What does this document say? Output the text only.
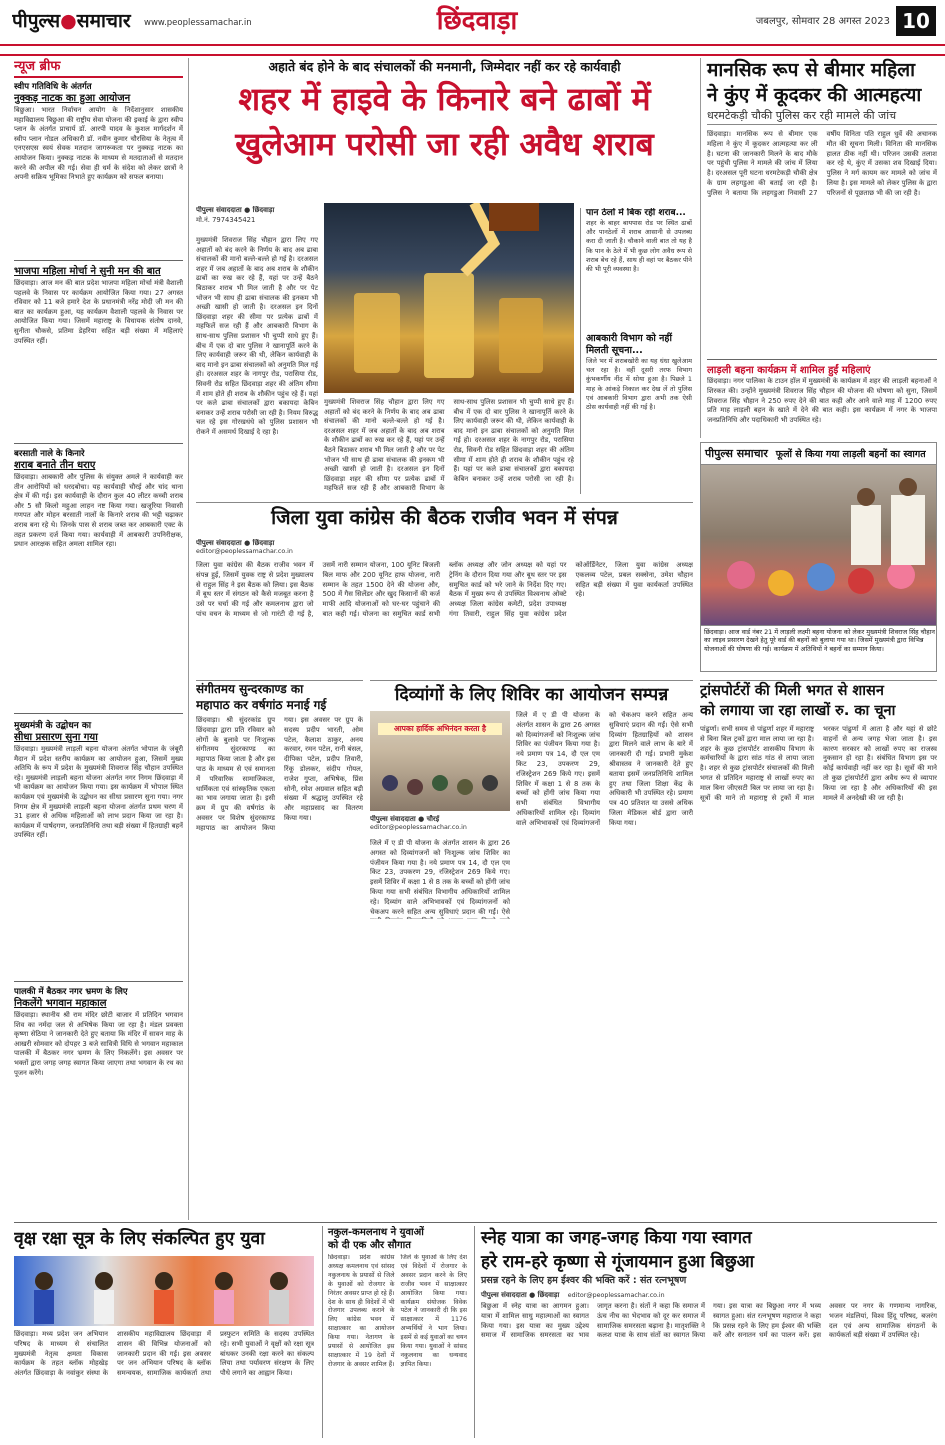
पीपुल्स●समाचार	www.peoplessamachar.in	छिंदवाड़ा	जबलपुर, सोमवार 28 अगस्त 2023 10
न्यूज ब्रीफ
स्वीप गतिविधि के अंतर्गत
नुक्कड़ नाटक का हुआ आयोजन
बिछुआ। भारत निर्वाचन आयोग के निर्देशानुसार शासकीय महाविद्यालय बिछुआ की राष्ट्रीय सेवा योजना की इकाई के द्वारा स्वीप प्लान के अंतर्गत प्राचार्य डॉ. आरपी यादव के कुशल मार्गदर्शन में स्वीप प्लान नोडल अधिकारी डॉ. नवीन कुमार चौरसिया के नेतृत्व में एनएसएस स्वयं सेवक मतदान जागरूकता पर नुक्कड़ नाटक का आयोजन किया। नुक्कड़ नाटक के माध्यम से मतदाताओं से मतदान करने की अपील की गई। सेवा ही धर्म के संदेश को लेकर छात्रों ने अपनी सक्रिय भूमिका निभाते हुए कार्यक्रम को सफल बनाया।
भाजपा महिला मोर्चा ने सुनी मन की बात
छिंदवाड़ा। आज मन की बात प्रदेश भाजपा महिला मोर्चा मंत्री वैशाली पहलवे के निवास पर कार्यक्रम आयोजित किया गया। 27 अगस्त रविवार को 11 बजे हमारे देश के प्रधानमंत्री नरेंद्र मोदी जी मन की बात का कार्यक्रम हुआ, यह कार्यक्रम वैशाली पहलवे के निवास पर आयोजित किया गया। जिसमें महाराष्ट्र के विधायक संतोष दानवे, सुनीता चौकसे, प्रतिमा डेहरिया सहित बड़ी संख्या में महिलाएं उपस्थित रहीं।
बरसाती नाले के किनारे
शराब बनाते तीन धराए
छिंदवाड़ा। आबकारी और पुलिस के संयुक्त अमले ने कार्यवाही कर तीन आरोपियों को धरदबोचा। यह कार्यवाही चौरई और चांद थाना क्षेत्र में की गई। इस कार्यवाही के दौरान कुल 40 लीटर कच्ची शराब और 5 सौ किलो महुआ लाहन नष्ट किया गया। खजूरिया निवासी गणपत और मोहन बरसाती नालों के किनारे शराब की भट्टी चढ़ाकर शराब बना रहे थे। जिनके पास से शराब जब्त कर आबकारी एक्ट के तहत प्रकरण दर्ज किया गया। कार्यवाही में आबकारी उपनिरीक्षक, प्रधान आरक्षक सहित अमला शामिल रहा।
मुख्यमंत्री के उद्बोधन का
सीधा प्रसारण सुना गया
छिंदवाड़ा। मुख्यमंत्री लाड़ली बहना योजना अंतर्गत भोपाल के जंबूरी मैदान में प्रदेश स्तरीय कार्यक्रम का आयोजन हुआ, जिसमें मुख्य अतिथि के रूप में प्रदेश के मुख्यमंत्री शिवराज सिंह चौहान उपस्थित रहे। मुख्यमंत्री लाड़ली बहना योजना अंतर्गत नगर निगम छिंदवाड़ा में भी कार्यक्रम का आयोजन किया गया। इस कार्यक्रम में भोपाल स्थित कार्यक्रम एवं मुख्यमंत्री के उद्बोधन का सीधा प्रसारण सुना गया। नगर निगम क्षेत्र में मुख्यमंत्री लाड़ली बहना योजना अंतर्गत प्रथम चरण में 31 हजार से अधिक महिलाओं को लाभ प्रदान किया जा रहा है। कार्यक्रम में पार्षदगण, जनप्रतिनिधि तथा बड़ी संख्या में हितग्राही बहनें उपस्थित रहीं।
पालकी में बैठकर नगर भ्रमण के लिए
निकलेंगे भगवान महाकाल
छिंदवाड़ा। स्थानीय श्री राम मंदिर छोटी बाजार में प्रतिदिन भगवान शिव का नर्मदा जल से अभिषेक किया जा रहा है। मंडल प्रवक्ता कृष्णा सेठिया ने जानकारी देते हुए बताया कि मंदिर में सावन माह के आखरी सोमवार को दोपहर 3 बजे सावित्री विधि से भगवान महाकाल पालकी में बैठकर नगर भ्रमण के लिए निकलेंगे। इस अवसर पर भक्तों द्वारा जगह जगह स्वागत किया जाएगा तथा भगवान के रथ का पूजन करेंगे।
अहाते बंद होने के बाद संचालकों की मनमानी, जिम्मेदार नहीं कर रहे कार्यवाही
शहर में हाइवे के किनारे बने ढाबों में
खुलेआम परोसी जा रही अवैध शराब
पीपुल्स संवाददाता ● छिंदवाड़ा
मो.नं. 7974345421
पान ठेलों में बिक रही शराब...
शहर के बाहर बायपास रोड पर स्थित ढाबों और पानठेलों में शराब आसानी से उपलब्ध करा दी जाती है। चौकाने वाली बात तो यह है कि पान के ठेले में भी कुछ लोग अवैध रूप से शराब बेच रहे हैं, साथ ही वहां पर बैठकर पीने की भी पूरी व्यवस्था है।
आबकारी विभाग को नहीं मिलती सूचना...
जिले भर में शराबखोरी का यह धंधा खुलेआम चल रहा है। वहीं दूसरी तरफ विभाग कुंभकर्णीय नींद में सोया हुआ है। पिछले 1 माह के आंकड़े निकाल कर देख लें तो पुलिस एवं आबकारी विभाग द्वारा अभी तक ऐसी ठोस कार्यवाही नहीं की गई है।
मुख्यमंत्री शिवराज सिंह चौहान द्वारा लिए गए अहातों को बंद करने के निर्णय के बाद अब ढाबा संचालकों की मानो बल्ले-बल्ले हो गई है। दरअसल शहर में जब अहातों के बाद अब शराब के शौकीन ढाबों का रुख कर रहे हैं, यहां पर उन्हें बैठने बिठाकर शराब भी मिल जाती है और पर पेट भोजन भी साथ ही ढाबा संचालक की इनकम भी अच्छी खासी हो जाती है। दरअसल इन दिनों छिंदवाड़ा शहर की सीमा पर प्रत्येक ढाबों में महफिलें सज रही हैं और आबकारी विभाग के साथ-साथ पुलिस प्रशासन भी चुप्पी साधे हुए हैं। बीच में एक दो बार पुलिस ने खानापूर्ति करने के लिए कार्यवाही जरूर की थी, लेकिन कार्यवाही के बाद मानो इन ढाबा संचालकों को अनुमति मिल गई हो। दरअसल शहर के नागपुर रोड, परासिया रोड, सिवनी रोड सहित छिंदवाड़ा शहर की अंतिम सीमा में शाम होते ही शराब के शौकीन पहुंच रहे हैं। यहां पर कले ढाबा संचालकों द्वारा बकायदा केबिन बनाकर उन्हें शराब परोसी जा रही है। नियम विरुद्ध चल रहे इस गोरखधंधे को पुलिस प्रशासन भी रोकने में असमर्थ दिखाई दे रहा है।
मुख्यमंत्री शिवराज सिंह चौहान द्वारा लिए गए अहातों को बंद करने के निर्णय के बाद अब ढाबा संचालकों की मानो बल्ले-बल्ले हो गई है। दरअसल शहर में जब अहातों के बाद अब शराब के शौकीन ढाबों का रुख कर रहे हैं, यहां पर उन्हें बैठने बिठाकर शराब भी मिल जाती है और पर पेट भोजन भी साथ ही ढाबा संचालक की इनकम भी अच्छी खासी हो जाती है। दरअसल इन दिनों छिंदवाड़ा शहर की सीमा पर प्रत्येक ढाबों में महफिलें सज रही हैं और आबकारी विभाग के साथ-साथ पुलिस प्रशासन भी चुप्पी साधे हुए हैं। बीच में एक दो बार पुलिस ने खानापूर्ति करने के लिए कार्यवाही जरूर की थी, लेकिन कार्यवाही के बाद मानो इन ढाबा संचालकों को अनुमति मिल गई हो। दरअसल शहर के नागपुर रोड, परासिया रोड, सिवनी रोड सहित छिंदवाड़ा शहर की अंतिम सीमा में शाम होते ही शराब के शौकीन पहुंच रहे हैं। यहां पर कले ढाबा संचालकों द्वारा बकायदा केबिन बनाकर उन्हें शराब परोसी जा रही है।
मानसिक रूप से बीमार महिला
ने कुंए में कूदकर की आत्महत्या
धरमटेकड़ी चौकी पुलिस कर रही मामले की जांच
छिंदवाड़ा। मानसिक रूप से बीमार एक महिला ने कुंए में कूदकर आत्महत्या कर ली है। घटना की जानकारी मिलने के बाद मौके पर पहुंची पुलिस ने मामले की जांच में लिया है। दरअसल पूरी घटना धरमटेकड़ी चौकी क्षेत्र के ग्राम लहगडुआ की बताई जा रही है। पुलिस ने बताया कि लहगडुआ निवासी 27 वर्षीय विनिता पति राहुल धुर्वे की अचानक मौत की सूचना मिली। विनिता की मानसिक हालत ठीक नहीं थी। परिजन उसकी तलाश कर रहे थे, कुंए में उसका शव दिखाई दिया। पुलिस ने मर्ग कायम कर मामले को जांच में लिया है। इस मामले को लेकर पुलिस के द्वारा परिजनों से पूछताछ भी की जा रही है।
लाड़ली बहना कार्यक्रम में शामिल हुईं महिलाएं
छिंदवाड़ा। नगर पालिका के टाउन हॉल में मुख्यमंत्री के कार्यक्रम में शहर की लाड़ली बहनाओं ने शिरकत की। उन्होंने मुख्यमंत्री शिवराज सिंह चौहान की योजना की घोषणा को सुना, जिसमें शिवराज सिंह चौहान ने 250 रुपए देने की बात कही और आने वाले माह में 1200 रुपए प्रति माह लाड़ली बहन के खाते में देने की बात कही। इस कार्यक्रम में नगर के भाजपा जनप्रतिनिधि और पदाधिकारी भी उपस्थित रहे।
जिला युवा कांग्रेस की बैठक राजीव भवन में संपन्न
पीपुल्स संवाददाता ● छिंदवाड़ा
editor@peoplessamachar.co.in
जिला युवा कांग्रेस की बैठक राजीव भवन में संपन्न हुई, जिसमें युवक राष्ट्र से प्रदेश मुख्यालय से राहुल सिंह ने इस बैठक को लिया। इस बैठक में बूथ स्तर में संगठन को कैसे मजबूत करना है उसे पर चर्चा की गई और कमलनाथ द्वारा जो पांच वचन के माध्यम से जो गारंटी दी गई है, उसमें नारी सम्मान योजना, 100 यूनिट बिजली बिल माफ और 200 यूनिट हाफ योजना, नारी सम्मान के तहत 1500 देने की योजना और, 500 में गैस सिलेंडर और खुद किसानों की कर्ज माफी आदि योजनाओं को घर-घर पहुंचाने की बात कही गई। योजना का समुचित कार्ड सभी ब्लॉक अध्यक्ष और जोन अध्यक्ष को यहां पर ट्रेनिंग के दौरान दिया गया और बूथ स्तर पर इस समुचित कार्ड को भरे जाने के निर्देश दिए गए। बैठक में मुख्य रूप से उपस्थित विश्वनाथ ओक्टे अध्यक्ष जिला कांग्रेस कमेटी, प्रदेश उपाध्यक्ष गंगा तिवारी, राहुल सिंह युवा कांग्रेस प्रदेश कोऑर्डिनेटर, जिला युवा कांग्रेस अध्यक्ष एकलव्य पटेल, प्रबल सक्सेना, उमेश चौहान सहित बड़ी संख्या में युवा कार्यकर्ता उपस्थित रहे।
पीपुल्स समाचार फूलों से किया गया लाड़ली बहनों का स्वागत
छिंदवाड़ा। आज वार्ड नंबर 21 में लाड़ली लक्ष्मी बहना योजना को लेकर मुख्यमंत्री शिवराज सिंह चौहान का लाइव प्रसारण देखने हेतु पूरे वार्ड की बहनों को बुलाया गया था। जिसमें मुख्यमंत्री द्वारा विभिन्न योजनाओं की घोषणा की गई। कार्यक्रम में अतिथियों ने बहनों का सम्मान किया।
संगीतमय सुन्दरकाण्ड का
महापाठ कर वर्षगांठ मनाई गई
छिंदवाड़ा। श्री सुंदरकांड ग्रुप छिंदवाड़ा द्वारा प्रति रविवार को लोगों के बुलावे पर निःशुल्क संगीतमय सुंदरकाण्ड का महापाठ किया जाता है और इस पाठ के माध्यम से एवं समानता में परिवारिक सामाजिकता, धार्मिकता एवं सांस्कृतिक एकता का भाव जगाया जाता है। इसी क्रम में ग्रुप की वर्षगांठ के अवसर पर विशेष सुंदरकाण्ड महापाठ का आयोजन किया गया। इस अवसर पर ग्रुप के सदस्य प्रदीप भारती, ओम पटेल, कैलाश ठाकुर, अनय करवार, रमन पटेल, रानी बंसल, दीपिका पटेल, प्रदीप तिवारी, रिंकू डोलकर, संदीप गोयल, राजेश गुप्ता, अभिषेक, प्रिंस सोनी, रमेश अग्रवाल सहित बड़ी संख्या में श्रद्धालु उपस्थित रहे और महाप्रसाद का वितरण किया गया।
दिव्यांगों के लिए शिविर का आयोजन सम्पन्न
आपका हार्दिक अभिनंदन करता है
पीपुल्स संवाददाता ● चौरई
editor@peoplessamachar.co.in
जिले में ए डी पी योजना के अंतर्गत शासन के द्वारा 26 अगस्त को दिव्यांगजनों को निःशुल्क जांच शिविर का पंजीयन किया गया है। नये प्रमाण पत्र 14, दौ एल एम किट 23, उपकरण 29, रजिस्ट्रेशन 269 किये गए। इसमें शिविर में कक्षा 1 से 8 तक के बच्चों को होंगी जांच किया गया सभी संबंधित विभागीय अधिकारियों शामिल रहे। दिव्यांग वाले अभिभावकों एवं दिव्यांगजनों को चेकअप करने सहित अन्य सुविधाएं प्रदान की गईं। ऐसे
जिले में ए डी पी योजना के अंतर्गत शासन के द्वारा 26 अगस्त को दिव्यांगजनों को निःशुल्क जांच शिविर का पंजीयन किया गया है। नये प्रमाण पत्र 14, दौ एल एम किट 23, उपकरण 29, रजिस्ट्रेशन 269 किये गए। इसमें शिविर में कक्षा 1 से 8 तक के बच्चों को होंगी जांच किया गया सभी संबंधित विभागीय अधिकारियों शामिल रहे। दिव्यांग वाले अभिभावकों एवं दिव्यांगजनों को चेकअप करने सहित अन्य सुविधाएं प्रदान की गईं। ऐसे सभी दिव्यांग हितग्राहियों को शासन द्वारा मिलने वाले लाभ के बारे में जानकारी दी गई। प्रभारी मुकेश श्रीवास्तव ने जानकारी देते हुए बताया इसमें जनप्रतिनिधि शामिल हुए तथा जिला शिक्षा केंद्र के अधिकारी भी उपस्थित रहे। प्रमाण पत्र 40 प्रतिशत या उससे अधिक जिला मेडिकल बोर्ड द्वारा जारी किया गया।
ट्रांसपोर्टरों की मिली भगत से शासन
को लगाया जा रहा लाखों रु. का चूना
पांढुर्णा। सभी समय से पांढुर्णा शहर में महाराष्ट्र से बिना बिल ट्रकों द्वारा माल लाया जा रहा है। शहर के कुछ ट्रांसपोर्टर शासकीय विभाग के कर्मचारियों के द्वारा सांठ गांठ से लाया जाता है। शहर से कुछ ट्रांसपोर्टर संचालकों की मिली भगत से प्रतिदिन महाराष्ट्र से लाखों रुपए का माल बिना जीएसटी बिल पर लाया जा रहा है। सूत्रों की माने तो महाराष्ट्र से ट्रकों में माल भरकर पांढुर्णा में आता है और यहां से छोटे वाहनों से अन्य जगह भेजा जाता है। इस कारण सरकार को लाखों रुपए का राजस्व नुकसान हो रहा है। संबंधित विभाग इस पर कोई कार्यवाही नहीं कर रहा है। सूत्रों की माने तो कुछ ट्रांसपोर्टरों द्वारा अवैध रूप से व्यापार किया जा रहा है और अधिकारियों की इस मामले में अनदेखी की जा रही है।
वृक्ष रक्षा सूत्र के लिए संकल्पित हुए युवा
छिंदवाड़ा। मध्य प्रदेश जन अभियान परिषद के माध्यम से संचालित मुख्यमंत्री नेतृत्व क्षमता विकास कार्यक्रम के तहत ब्लॉक मोहखेड़ अंतर्गत छिंदवाड़ा के नवांकुर संस्था के शासकीय महाविद्यालय छिंदवाड़ा में शासन की विभिन्न योजनाओं को जानकारी प्रदान की गई। इस अवसर पर जन अभियान परिषद के ब्लॉक समन्वयक, सामाजिक कार्यकर्ता तथा प्रस्फुटन समिति के सदस्य उपस्थित रहे। सभी युवाओं ने वृक्षों को रक्षा सूत्र बांधकर उनकी रक्षा करने का संकल्प लिया तथा पर्यावरण संरक्षण के लिए पौधे लगाने का आह्वान किया।
नकुल-कमलनाथ ने युवाओं
को दी एक और सौगात
छिंदवाड़ा। प्रदेश कांग्रेस अध्यक्ष कमलनाथ एवं सांसद नकुलनाथ के प्रयासों से जिले के युवाओं को रोजगार के निरंतर अवसर प्राप्त हो रहे हैं। देश के साथ ही विदेशों में भी रोजगार उपलब्ध कराने के लिए कांग्रेस भवन में साक्षात्कार का आयोजन किया गया। नेतागण के प्रयासों से आयोजित इस साक्षात्कार में 19 देशों में रोजगार के अवसर शामिल हैं। जिले के युवाओं के लिए देश एवं विदेशों में रोजगार के अवसर प्रदान करने के लिए राजीव भवन में साक्षात्कार आयोजित किया गया। कार्यक्रम संयोजक विवेक पटेल ने जानकारी दी कि इस साक्षात्कार में 1176 अभ्यर्थियों ने भाग लिया। इसमें से कई युवाओं का चयन किया गया। युवाओं ने सांसद नकुलनाथ का धन्यवाद ज्ञापित किया।
स्नेह यात्रा का जगह-जगह किया गया स्वागत
हरे राम-हरे कृष्णा से गूंजायमान हुआ बिछुआ
प्रसन्न रहने के लिए हम ईश्वर की भक्ति करें : संत रत्नभूषण
पीपुल्स संवाददाता ● छिंदवाड़ा editor@peoplessamachar.co.in
बिछुआ में स्नेह यात्रा का आगमन हुआ। यात्रा में शामिल साधु महात्माओं का स्वागत किया गया। इस यात्रा का मुख्य उद्देश्य समाज में सामाजिक समरसता का भाव जागृत करना है। संतों ने कहा कि समाज में ऊंच नीच का भेदभाव को दूर कर समाज में सामाजिक समरसता बढ़ाना है। मातृशक्ति ने कलश यात्रा के साथ संतों का स्वागत किया गया। इस यात्रा का बिछुआ नगर में भव्य स्वागत हुआ। संत रत्नभूषण महाराज ने कहा कि प्रसन्न रहने के लिए हम ईश्वर की भक्ति करें और सनातन धर्म का पालन करें। इस अवसर पर नगर के गणमान्य नागरिक, भजन मंडलियां, विश्व हिंदू परिषद, बजरंग दल एवं अन्य सामाजिक संगठनों के कार्यकर्ता बड़ी संख्या में उपस्थित रहे।
